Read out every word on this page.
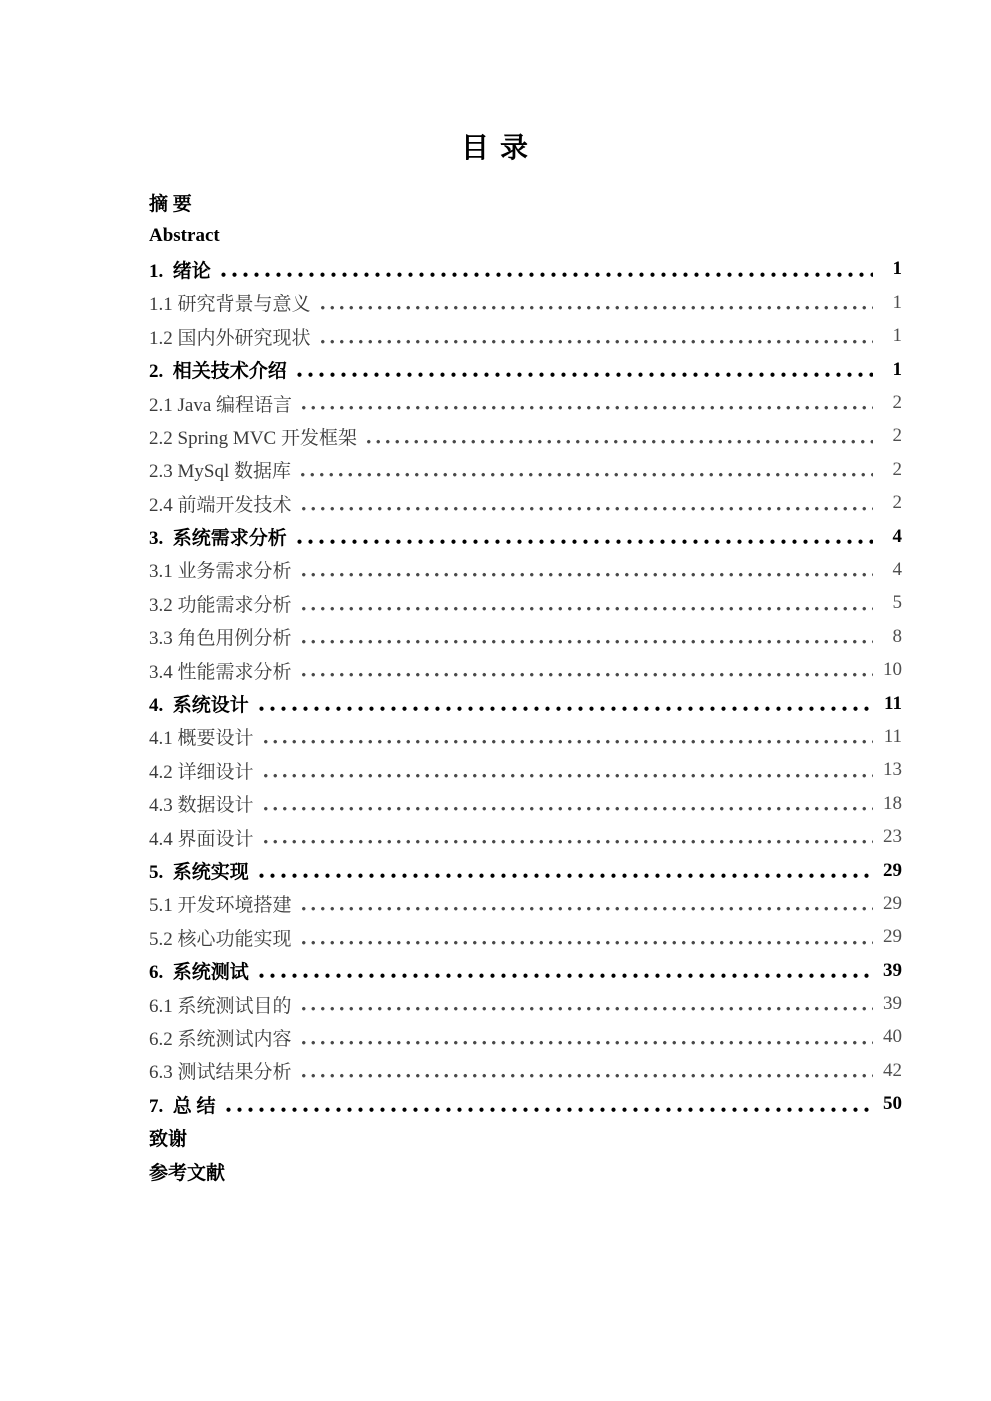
目 录
摘 要
Abstract
1.  绪论	1
1.1 研究背景与意义	1
1.2 国内外研究现状	1
2.  相关技术介绍	1
2.1 Java 编程语言	2
2.2 Spring MVC 开发框架	2
2.3 MySql 数据库	2
2.4 前端开发技术	2
3.  系统需求分析	4
3.1 业务需求分析	4
3.2 功能需求分析	5
3.3 角色用例分析	8
3.4 性能需求分析	10
4.  系统设计	11
4.1 概要设计	11
4.2 详细设计	13
4.3 数据设计	18
4.4 界面设计	23
5.  系统实现	29
5.1 开发环境搭建	29
5.2 核心功能实现	29
6.  系统测试	39
6.1 系统测试目的	39
6.2 系统测试内容	40
6.3 测试结果分析	42
7.  总 结	50
致谢
参考文献
